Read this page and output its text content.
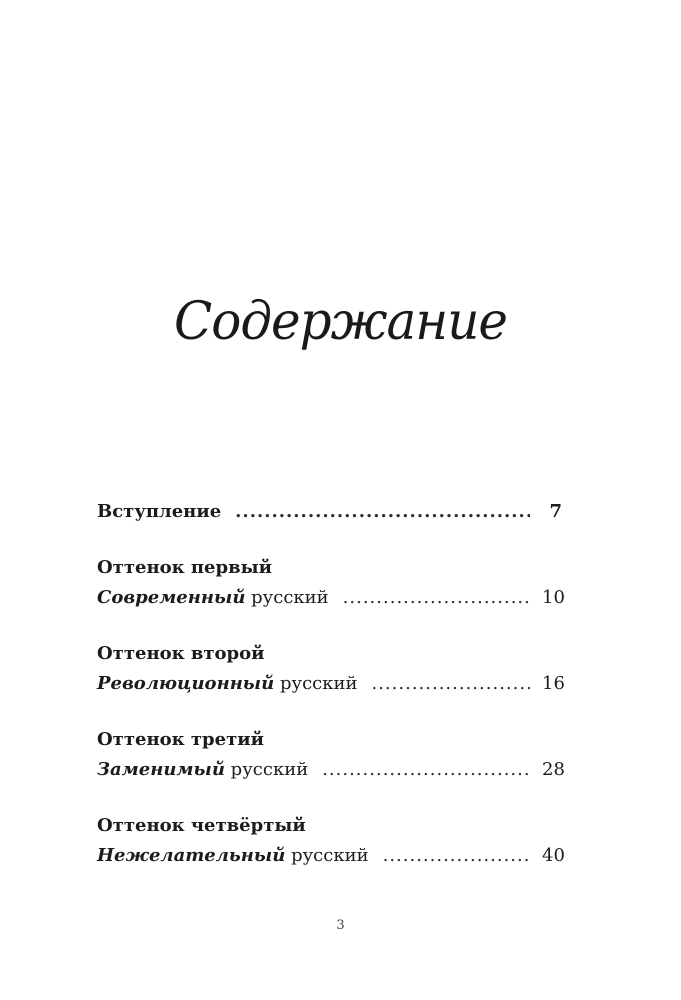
Содержание
Вступление .....	7
Оттенок первый
Современный русский .....	10
Оттенок второй
Революционный русский .....	16
Оттенок третий
Заменимый русский .....	28
Оттенок четвёртый
Нежелательный русский .....	40
3
